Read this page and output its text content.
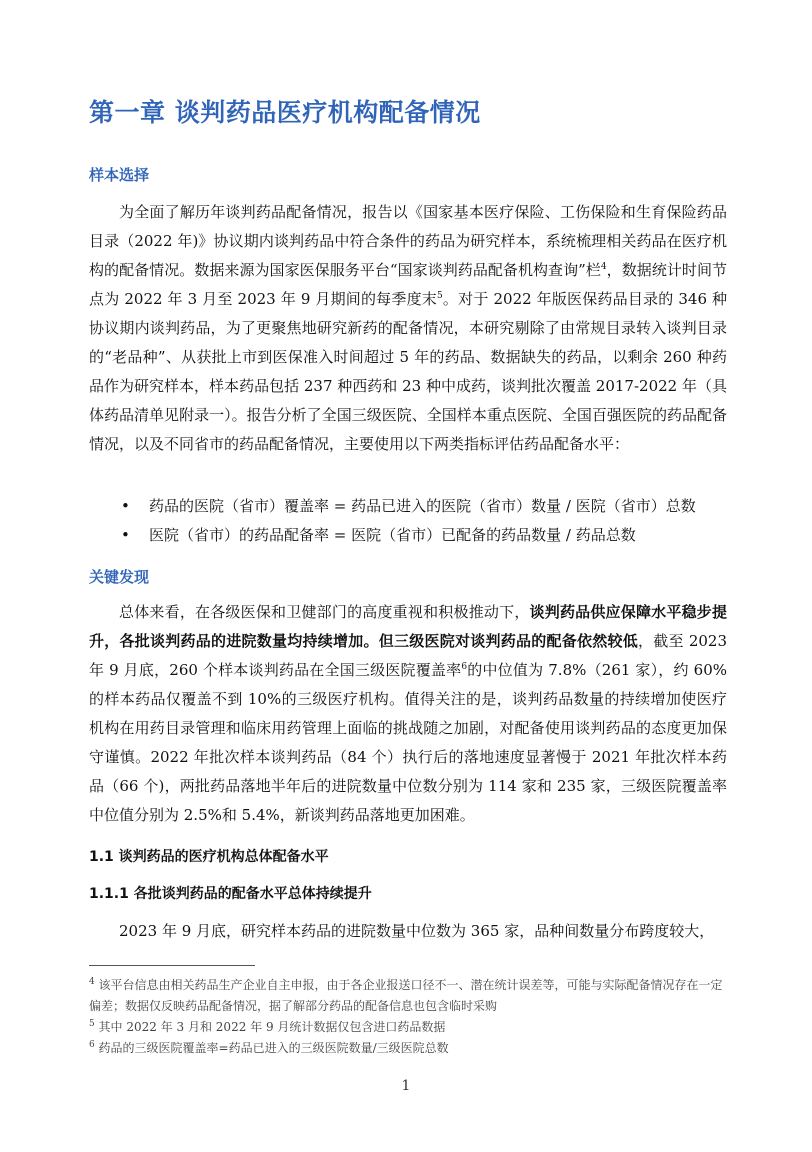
第一章 谈判药品医疗机构配备情况
样本选择

为全面了解历年谈判药品配备情况，报告以《国家基本医疗保险、工伤保险和生育保险药品目录（2022 年)》协议期内谈判药品中符合条件的药品为研究样本，系统梳理相关药品在医疗机构的配备情况。数据来源为国家医保服务平台“国家谈判药品配备机构查询”栏$^4$，数据统计时间节点为 2022 年 3 月至 2023 年 9 月期间的每季度末$^5$。对于 2022 年版医保药品目录的 346 种协议期内谈判药品，为了更聚焦地研究新药的配备情况，本研究剔除了由常规目录转入谈判目录的“老品种”、从获批上市到医保准入时间超过 5 年的药品、数据缺失的药品，以剩余 260 种药品作为研究样本，样本药品包括 237 种西药和 23 种中成药，谈判批次覆盖 2017-2022 年（具体药品清单见附录一）。报告分析了全国三级医院、全国样本重点医院、全国百强医院的药品配备情况，以及不同省市的药品配备情况，主要使用以下两类指标评估药品配备水平：

• 药品的医院（省市）覆盖率 = 药品已进入的医院（省市）数量 / 医院（省市）总数
• 医院（省市）的药品配备率 = 医院（省市）已配备的药品数量 / 药品总数
关键发现

总体来看，在各级医保和卫健部门的高度重视和积极推动下，谈判药品供应保障水平稳步提升，各批谈判药品的进院数量均持续增加。但三级医院对谈判药品的配备依然较低，截至 2023 年 9 月底，260 个样本谈判药品在全国三级医院覆盖率$^6$的中位值为 7.8%（261 家），约 60%的样本药品仅覆盖不到 10%的三级医疗机构。值得关注的是，谈判药品数量的持续增加使医疗机构在用药目录管理和临床用药管理上面临的挑战随之加剧，对配备使用谈判药品的态度更加保守谨慎。2022 年批次样本谈判药品（84 个）执行后的落地速度显著慢于 2021 年批次样本药品（66 个)，两批药品落地半年后的进院数量中位数分别为 114 家和 235 家，三级医院覆盖率中位值分别为 2.5%和 5.4%，新谈判药品落地更加困难。

1.1 谈判药品的医疗机构总体配备水平
1.1.1 各批谈判药品的配备水平总体持续提升

2023 年 9 月底，研究样本药品的进院数量中位数为 365 家，品种间数量分布跨度较大，

$^4$ 该平台信息由相关药品生产企业自主申报，由于各企业报送口径不一、潜在统计误差等，可能与实际配备情况存在一定偏差；数据仅反映药品配备情况，据了解部分药品的配备信息也包含临时采购

$^5$ 其中 2022 年 3 月和 2022 年 9 月统计数据仅包含进口药品数据

$^6$ 药品的三级医院覆盖率=药品已进入的三级医院数量/三级医院总数

1
